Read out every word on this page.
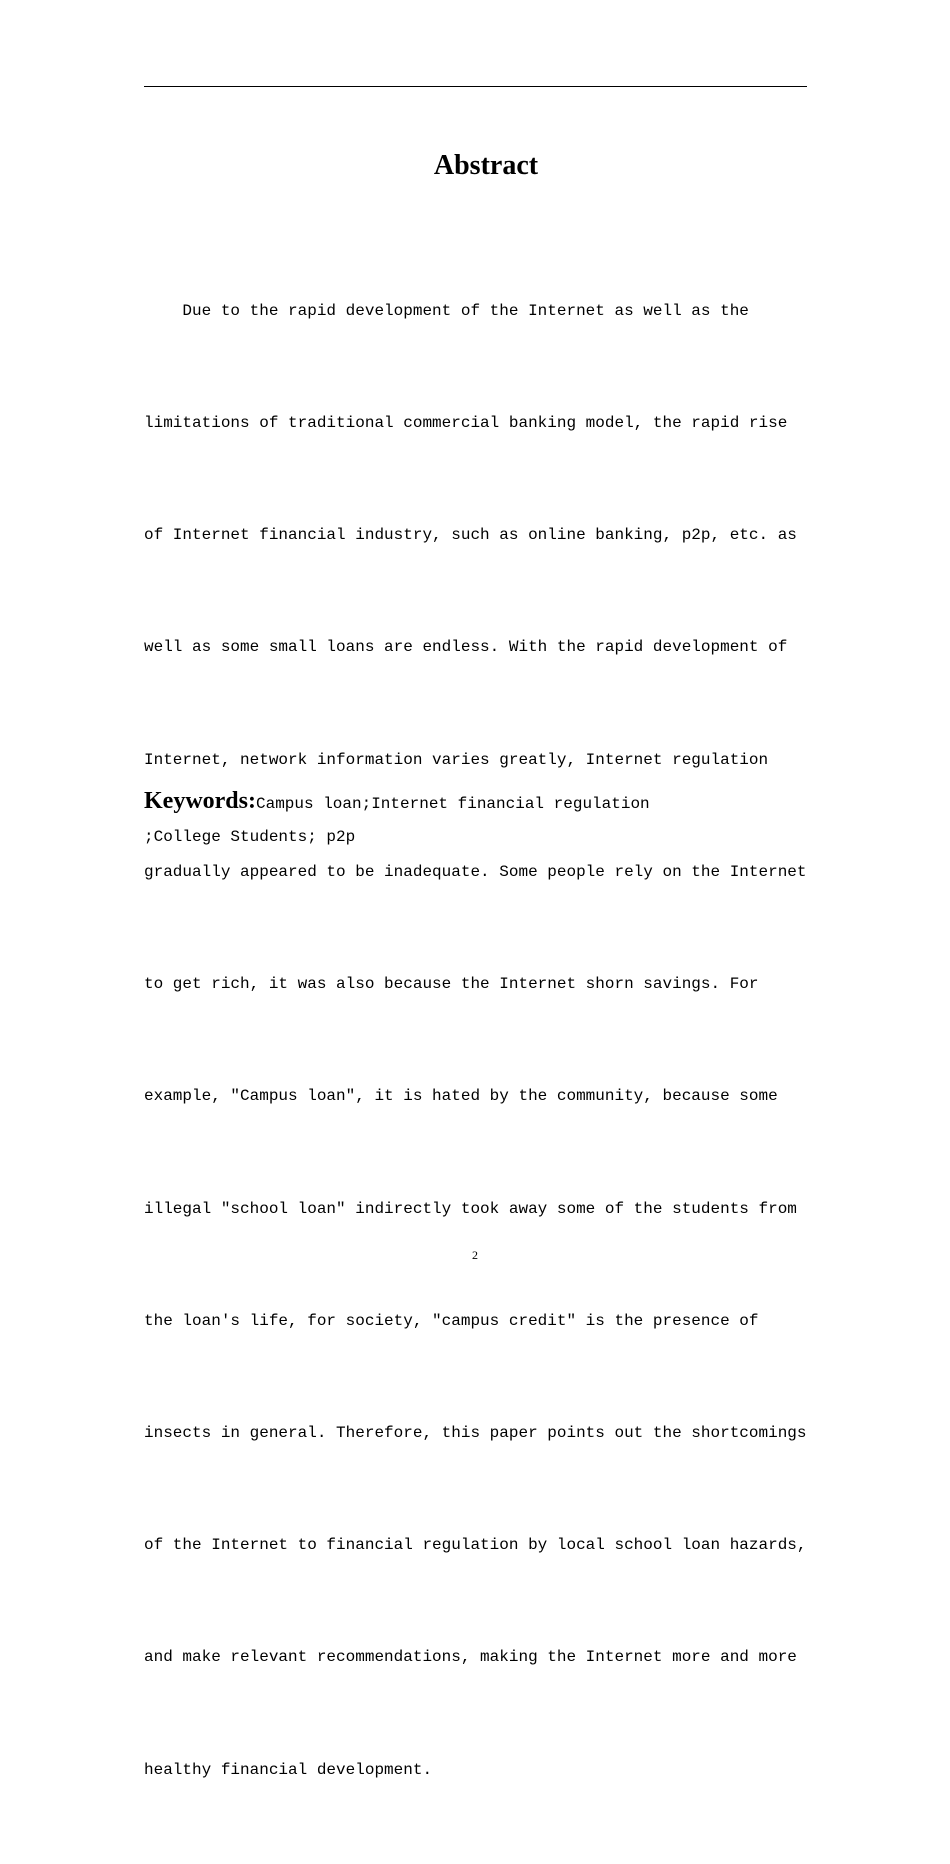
Abstract

Due to the rapid development of the Internet as well as the

limitations of traditional commercial banking model, the rapid rise

of Internet financial industry, such as online banking, p2p, etc. as

well as some small loans are endless. With the rapid development of

Internet, network information varies greatly, Internet regulation

gradually appeared to be inadequate. Some people rely on the Internet

to get rich, it was also because the Internet shorn savings. For

example, "Campus loan", it is hated by the community, because some

illegal "school loan" indirectly took away some of the students from

the loan's life, for society, "campus credit" is the presence of

insects in general. Therefore, this paper points out the shortcomings

of the Internet to financial regulation by local school loan hazards,

and make relevant recommendations, making the Internet more and more

healthy financial development.

Keywords:Campus loan;Internet financial regulation
;College Students; p2p
2
